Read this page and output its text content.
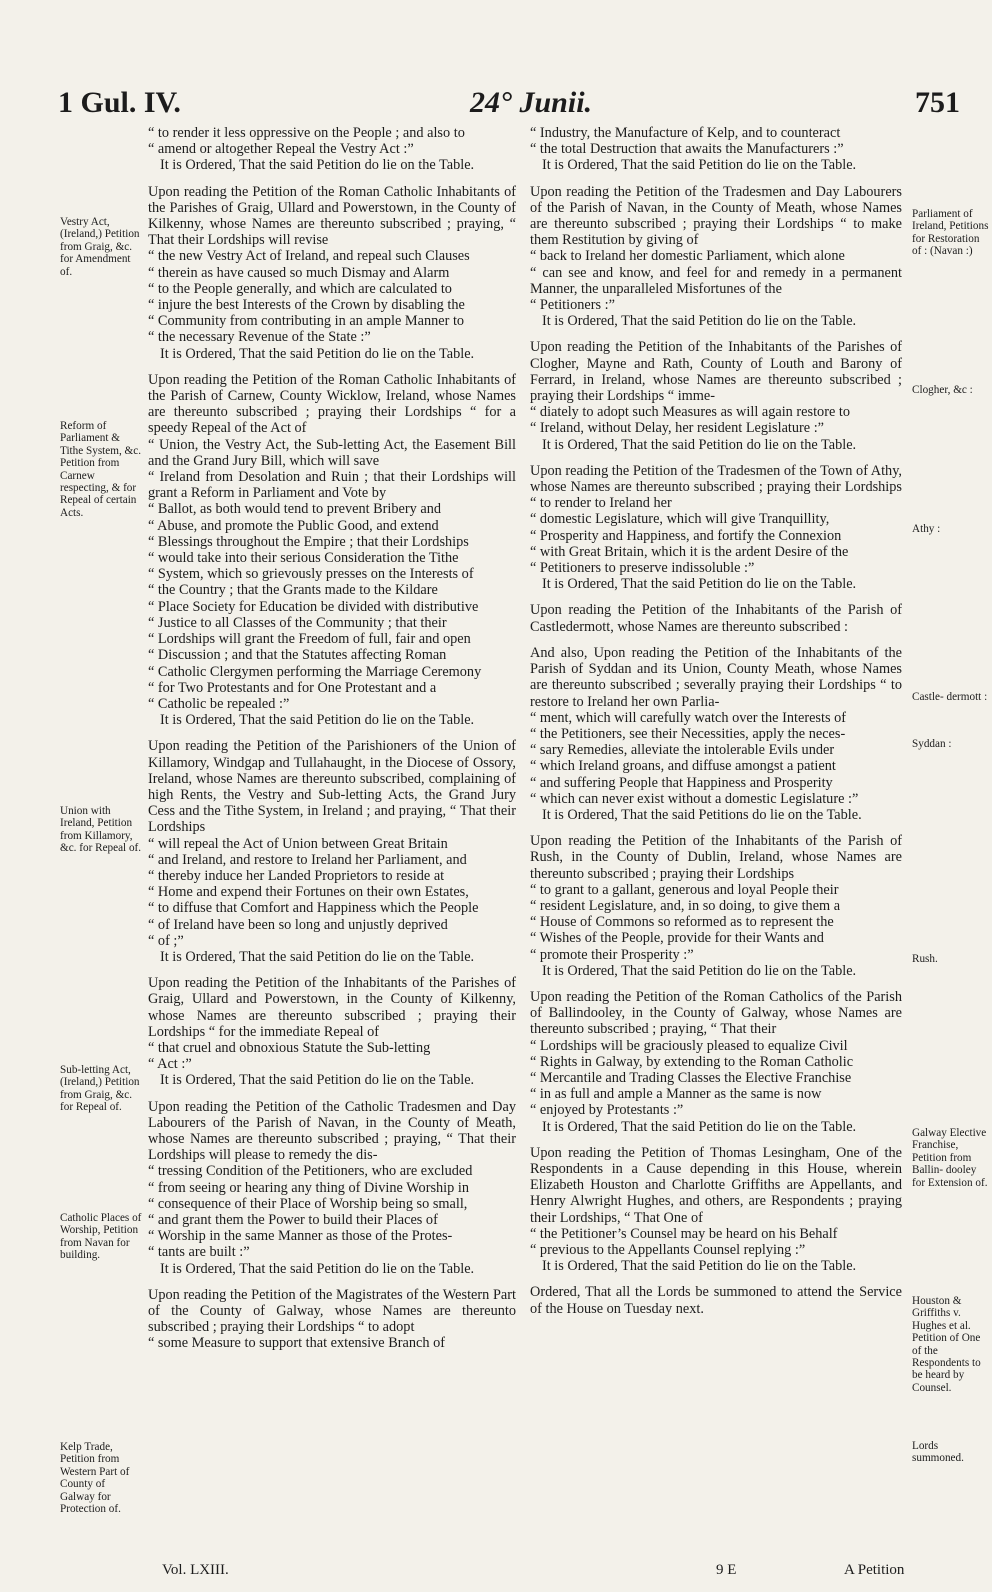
1 Gul. IV.	24° Junii.	751
Vestry Act, (Ireland,) Petition from Graig, &c. for Amendment of.
Reform of Parliament & Tithe System, &c. Petition from Carnew respecting, & for Repeal of certain Acts.
Union with Ireland, Petition from Killamory, &c. for Repeal of.
Sub-letting Act,(Ireland,) Petition from Graig, &c. for Repeal of.
Catholic Places of Worship, Petition from Navan for building.
Kelp Trade, Petition from Western Part of County of Galway for Protection of.
Parliament of Ireland, Petitions for Restoration of : (Navan :)
Clogher, &c :
Athy :
Castle- dermott :
Syddan :
Rush.
Galway Elective Franchise, Petition from Ballin- dooley for Extension of.
Houston & Griffiths v. Hughes et al. Petition of One of the Respondents to be heard by Counsel.
Lords summoned.

“ to render it less oppressive on the People ; and also to
“ amend or altogether Repeal the Vestry Act :”

It is Ordered, That the said Petition do lie on the Table.

Upon reading the Petition of the Roman Catholic Inhabitants of the Parishes of Graig, Ullard and Powerstown, in the County of Kilkenny, whose Names are thereunto subscribed ; praying, “ That their Lordships will revise
“ the new Vestry Act of Ireland, and repeal such Clauses
“ therein as have caused so much Dismay and Alarm
“ to the People generally, and which are calculated to
“ injure the best Interests of the Crown by disabling the
“ Community from contributing in an ample Manner to
“ the necessary Revenue of the State :”

It is Ordered, That the said Petition do lie on the Table.

Upon reading the Petition of the Roman Catholic Inhabitants of the Parish of Carnew, County Wicklow, Ireland, whose Names are thereunto subscribed ; praying their Lordships “ for a speedy Repeal of the Act of
“ Union, the Vestry Act, the Sub-letting Act, the Easement Bill and the Grand Jury Bill, which will save
“ Ireland from Desolation and Ruin ; that their Lordships will grant a Reform in Parliament and Vote by
“ Ballot, as both would tend to prevent Bribery and
“ Abuse, and promote the Public Good, and extend
“ Blessings throughout the Empire ; that their Lordships
“ would take into their serious Consideration the Tithe
“ System, which so grievously presses on the Interests of
“ the Country ; that the Grants made to the Kildare
“ Place Society for Education be divided with distributive
“ Justice to all Classes of the Community ; that their
“ Lordships will grant the Freedom of full, fair and open
“ Discussion ; and that the Statutes affecting Roman
“ Catholic Clergymen performing the Marriage Ceremony
“ for Two Protestants and for One Protestant and a
“ Catholic be repealed :”

It is Ordered, That the said Petition do lie on the Table.

Upon reading the Petition of the Parishioners of the Union of Killamory, Windgap and Tullahaught, in the Diocese of Ossory, Ireland, whose Names are thereunto subscribed, complaining of high Rents, the Vestry and Sub-letting Acts, the Grand Jury Cess and the Tithe System, in Ireland ; and praying, “ That their Lordships
“ will repeal the Act of Union between Great Britain
“ and Ireland, and restore to Ireland her Parliament, and
“ thereby induce her Landed Proprietors to reside at
“ Home and expend their Fortunes on their own Estates,
“ to diffuse that Comfort and Happiness which the People
“ of Ireland have been so long and unjustly deprived
“ of ;”

It is Ordered, That the said Petition do lie on the Table.

Upon reading the Petition of the Inhabitants of the Parishes of Graig, Ullard and Powerstown, in the County of Kilkenny, whose Names are thereunto subscribed ; praying their Lordships “ for the immediate Repeal of
“ that cruel and obnoxious Statute the Sub-letting
“ Act :”

It is Ordered, That the said Petition do lie on the Table.

Upon reading the Petition of the Catholic Tradesmen and Day Labourers of the Parish of Navan, in the County of Meath, whose Names are thereunto subscribed ; praying, “ That their Lordships will please to remedy the dis-
“ tressing Condition of the Petitioners, who are excluded
“ from seeing or hearing any thing of Divine Worship in
“ consequence of their Place of Worship being so small,
“ and grant them the Power to build their Places of
“ Worship in the same Manner as those of the Protes-
“ tants are built :”

It is Ordered, That the said Petition do lie on the Table.

Upon reading the Petition of the Magistrates of the Western Part of the County of Galway, whose Names are thereunto subscribed ; praying their Lordships “ to adopt
“ some Measure to support that extensive Branch of

“ Industry, the Manufacture of Kelp, and to counteract
“ the total Destruction that awaits the Manufacturers :”

It is Ordered, That the said Petition do lie on the Table.

Upon reading the Petition of the Tradesmen and Day Labourers of the Parish of Navan, in the County of Meath, whose Names are thereunto subscribed ; praying their Lordships “ to make them Restitution by giving of
“ back to Ireland her domestic Parliament, which alone
“ can see and know, and feel for and remedy in a permanent Manner, the unparalleled Misfortunes of the
“ Petitioners :”

It is Ordered, That the said Petition do lie on the Table.

Upon reading the Petition of the Inhabitants of the Parishes of Clogher, Mayne and Rath, County of Louth and Barony of Ferrard, in Ireland, whose Names are thereunto subscribed ; praying their Lordships “ imme-
“ diately to adopt such Measures as will again restore to
“ Ireland, without Delay, her resident Legislature :”

It is Ordered, That the said Petition do lie on the Table.

Upon reading the Petition of the Tradesmen of the Town of Athy, whose Names are thereunto subscribed ; praying their Lordships “ to render to Ireland her
“ domestic Legislature, which will give Tranquillity,
“ Prosperity and Happiness, and fortify the Connexion
“ with Great Britain, which it is the ardent Desire of the
“ Petitioners to preserve indissoluble :”

It is Ordered, That the said Petition do lie on the Table.

Upon reading the Petition of the Inhabitants of the Parish of Castledermott, whose Names are thereunto subscribed :

And also, Upon reading the Petition of the Inhabitants of the Parish of Syddan and its Union, County Meath, whose Names are thereunto subscribed ; severally praying their Lordships “ to restore to Ireland her own Parlia-
“ ment, which will carefully watch over the Interests of
“ the Petitioners, see their Necessities, apply the neces-
“ sary Remedies, alleviate the intolerable Evils under
“ which Ireland groans, and diffuse amongst a patient
“ and suffering People that Happiness and Prosperity
“ which can never exist without a domestic Legislature :”

It is Ordered, That the said Petitions do lie on the Table.

Upon reading the Petition of the Inhabitants of the Parish of Rush, in the County of Dublin, Ireland, whose Names are thereunto subscribed ; praying their Lordships
“ to grant to a gallant, generous and loyal People their
“ resident Legislature, and, in so doing, to give them a
“ House of Commons so reformed as to represent the
“ Wishes of the People, provide for their Wants and
“ promote their Prosperity :”

It is Ordered, That the said Petition do lie on the Table.

Upon reading the Petition of the Roman Catholics of the Parish of Ballindooley, in the County of Galway, whose Names are thereunto subscribed ; praying, “ That their
“ Lordships will be graciously pleased to equalize Civil
“ Rights in Galway, by extending to the Roman Catholic
“ Mercantile and Trading Classes the Elective Franchise
“ in as full and ample a Manner as the same is now
“ enjoyed by Protestants :”

It is Ordered, That the said Petition do lie on the Table.

Upon reading the Petition of Thomas Lesingham, One of the Respondents in a Cause depending in this House, wherein Elizabeth Houston and Charlotte Griffiths are Appellants, and Henry Alwright Hughes, and others, are Respondents ; praying their Lordships, “ That One of
“ the Petitioner’s Counsel may be heard on his Behalf
“ previous to the Appellants Counsel replying :”

It is Ordered, That the said Petition do lie on the Table.

Ordered, That all the Lords be summoned to attend the Service of the House on Tuesday next.

Vol. LXIII.	9 E	A Petition
